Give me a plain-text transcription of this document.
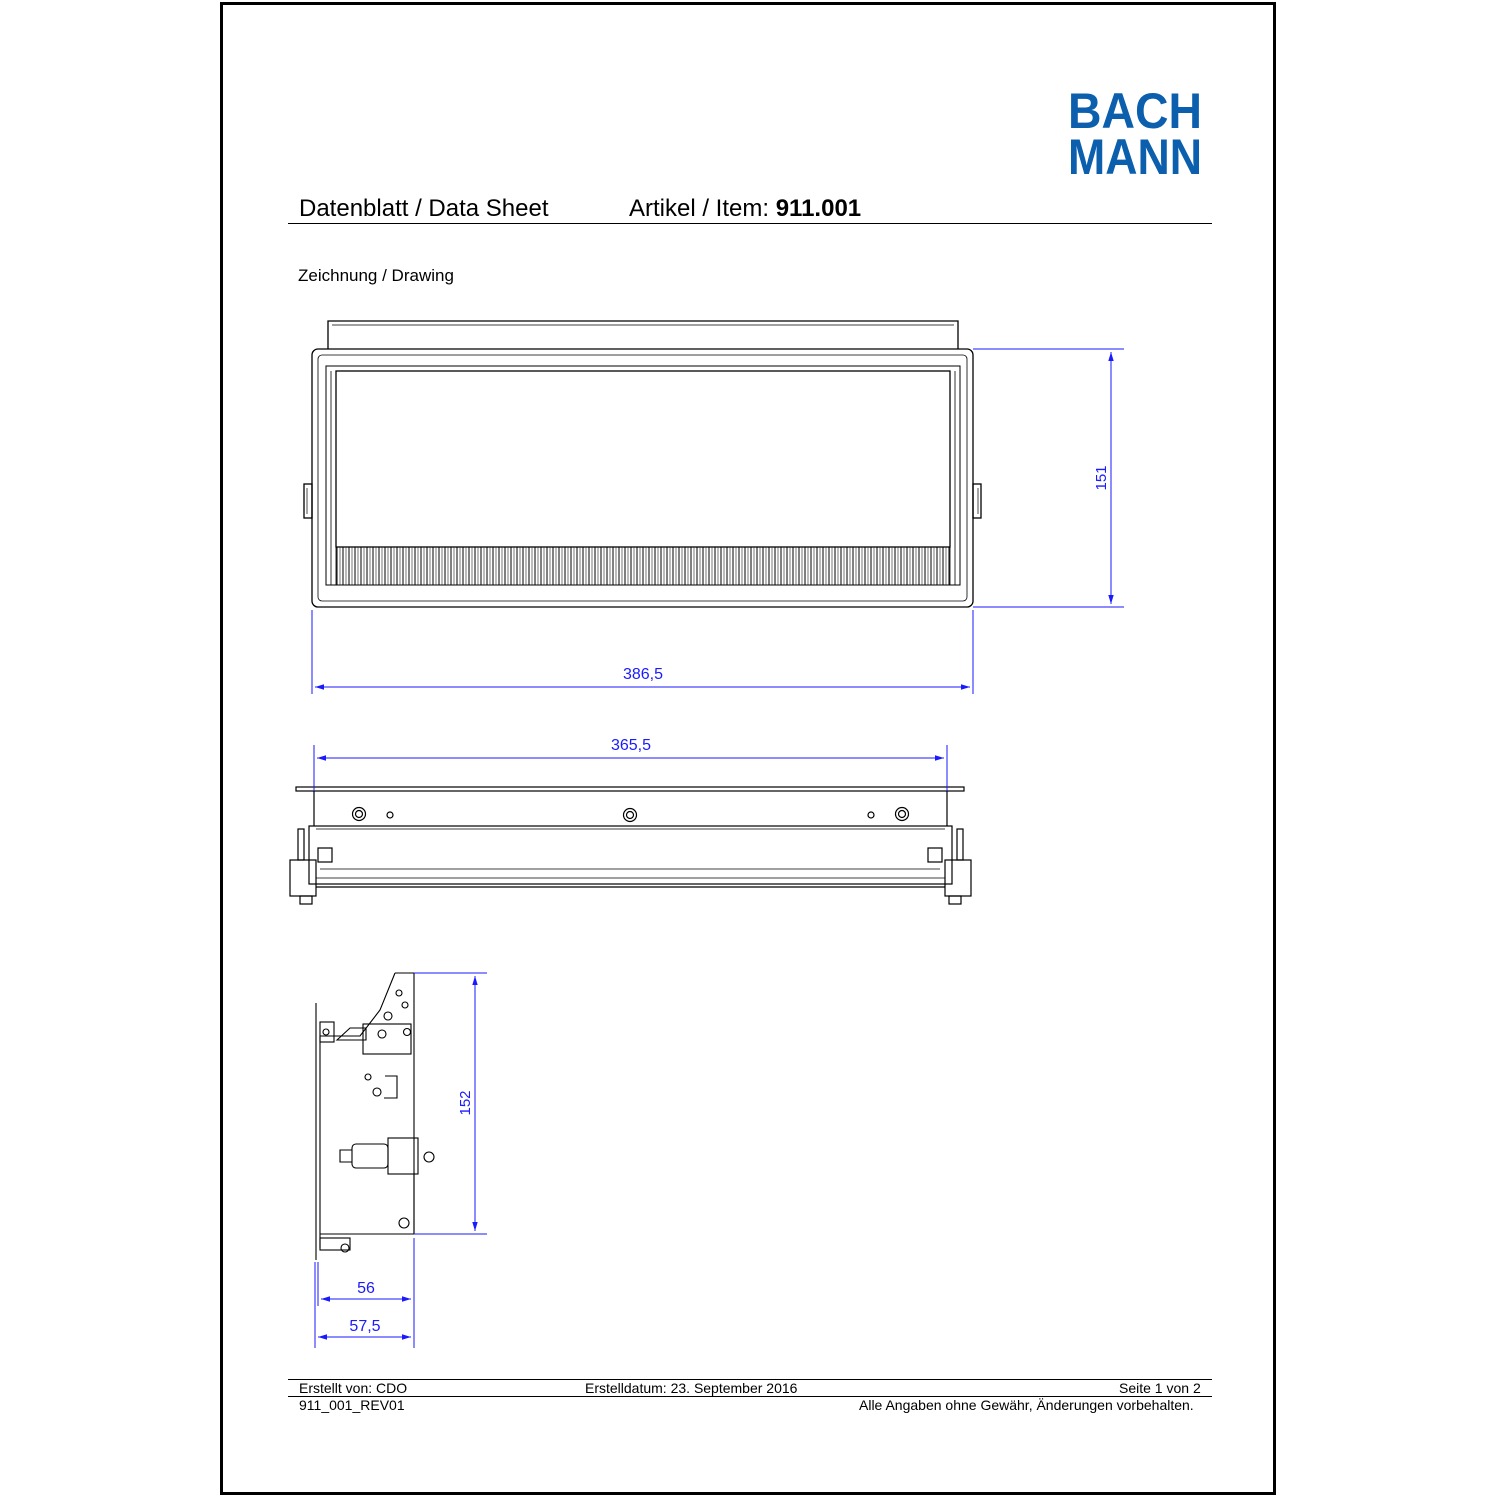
BACH
MANN
Datenblatt / Data Sheet	Artikel / Item: 911.001
Zeichnung / Drawing
151
386,5
365,5
152
56
57,5
Erstellt von: CDO	Erstelldatum: 23. September 2016	Seite 1 von 2
911_001_REV01	Alle Angaben ohne Gewähr, Änderungen vorbehalten.
